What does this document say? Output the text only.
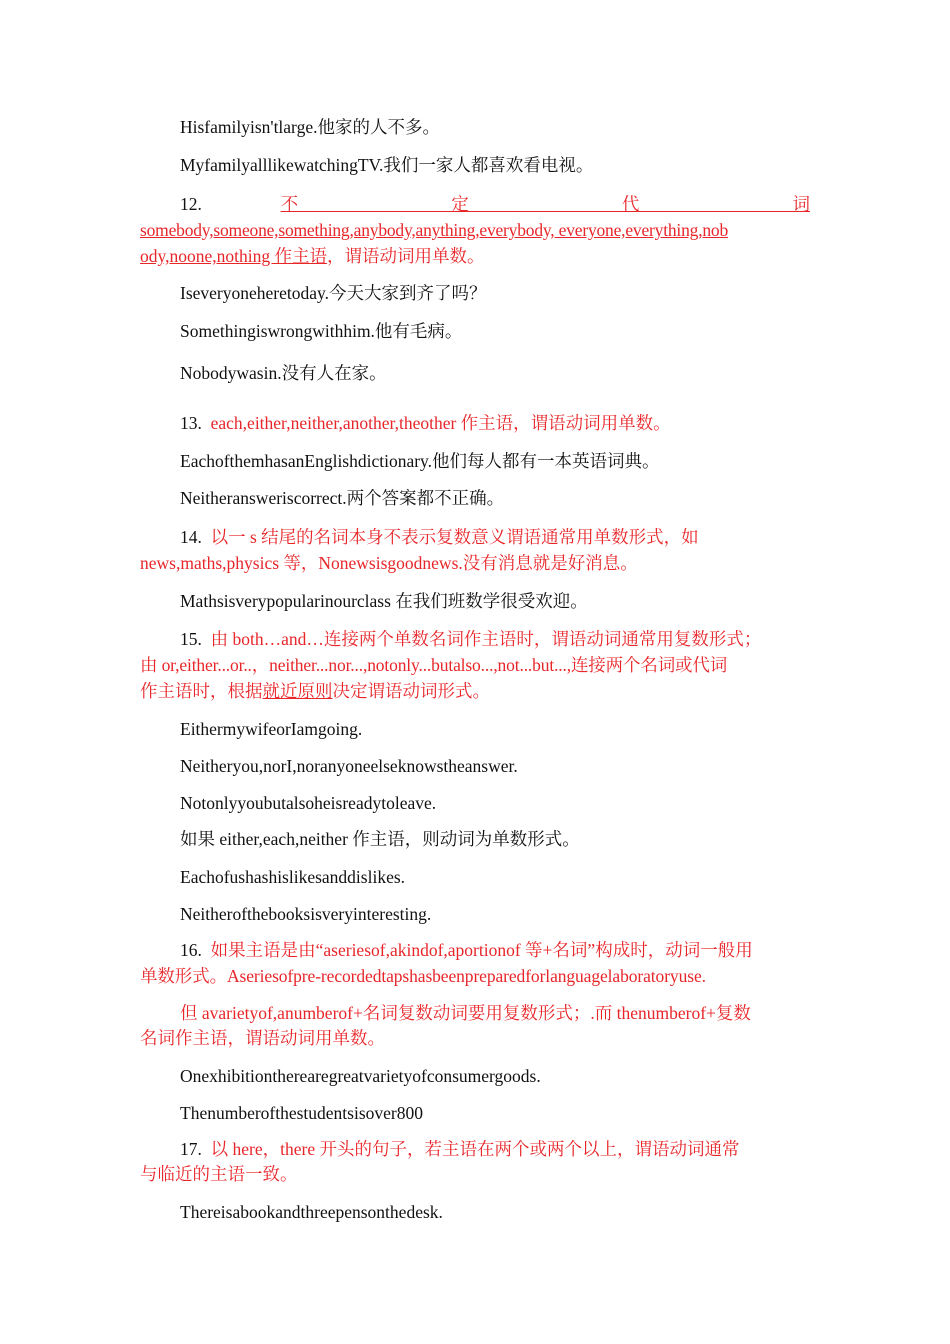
Hisfamilyisn'tlarge.他家的人不多。
MyfamilyalllikewatchingTV.我们一家人都喜欢看电视。
12.	不 定 代 词
somebody,someone,something,anybody,anything,everybody, everyone,everything,nob
ody,noone,nothing 作主语，谓语动词用单数。
Iseveryoneheretoday.今天大家到齐了吗？
Somethingiswrongwithhim.他有毛病。
Nobodywasin.没有人在家。
13. each,either,neither,another,theother 作主语，谓语动词用单数。
EachofthemhasanEnglishdictionary.他们每人都有一本英语词典。
Neitheransweriscorrect.两个答案都不正确。
14. 以一 s 结尾的名词本身不表示复数意义谓语通常用单数形式，如
news,maths,physics 等，Nonewsisgoodnews.没有消息就是好消息。
Mathsisverypopularinourclass 在我们班数学很受欢迎。
15. 由 both…and…连接两个单数名词作主语时，谓语动词通常用复数形式；
由 or,either...or..，neither...nor...,notonly...butalso...,not...but...,连接两个名词或代词
作主语时，根据就近原则决定谓语动词形式。
EithermywifeorIamgoing.
Neitheryou,norI,noranyoneelseknowstheanswer.
Notonlyyoubutalsoheisreadytoleave.
如果 either,each,neither 作主语，则动词为单数形式。
Eachofushashislikesanddislikes.
Neitherofthebooksisveryinteresting.
16. 如果主语是由“aseriesof,akindof,aportionof 等+名词”构成时，动词一般用
单数形式。Aseriesofpre-recordedtapshasbeenpreparedforlanguagelaboratoryuse.
但 avarietyof,anumberof+名词复数动词要用复数形式；.而 thenumberof+复数
名词作主语，谓语动词用单数。
Onexhibitiontherearegreatvarietyofconsumergoods.
Thenumberofthestudentsisover800
17. 以 here，there 开头的句子，若主语在两个或两个以上，谓语动词通常
与临近的主语一致。
Thereisabookandthreepensonthedesk.
